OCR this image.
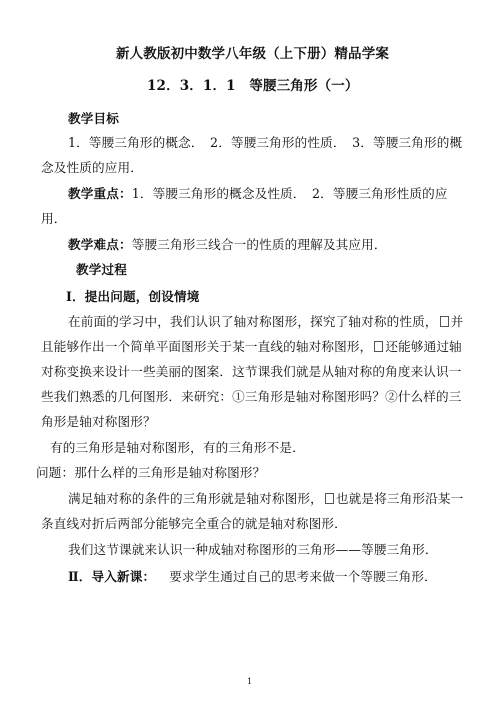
新人教版初中数学八年级（上下册）精品学案
12．3．1．1　等腰三角形（一）
教学目标
1．等腰三角形的概念．　2．等腰三角形的性质．　3．等腰三角形的概
念及性质的应用．
教学重点：1．等腰三角形的概念及性质．　2．等腰三角形性质的应
用．
教学难点：等腰三角形三线合一的性质的理解及其应用．
教学过程
Ⅰ．提出问题，创设情境
在前面的学习中，我们认识了轴对称图形，探究了轴对称的性质， 并
且能够作出一个简单平面图形关于某一直线的轴对称图形， 还能够通过轴
对称变换来设计一些美丽的图案．这节课我们就是从轴对称的角度来认识一
些我们熟悉的几何图形．来研究：①三角形是轴对称图形吗？②什么样的三
角形是轴对称图形？
有的三角形是轴对称图形，有的三角形不是．
问题：那什么样的三角形是轴对称图形？
满足轴对称的条件的三角形就是轴对称图形， 也就是将三角形沿某一
条直线对折后两部分能够完全重合的就是轴对称图形．
我们这节课就来认识一种成轴对称图形的三角形——等腰三角形．
Ⅱ．导入新课： 要求学生通过自己的思考来做一个等腰三角形．
1
